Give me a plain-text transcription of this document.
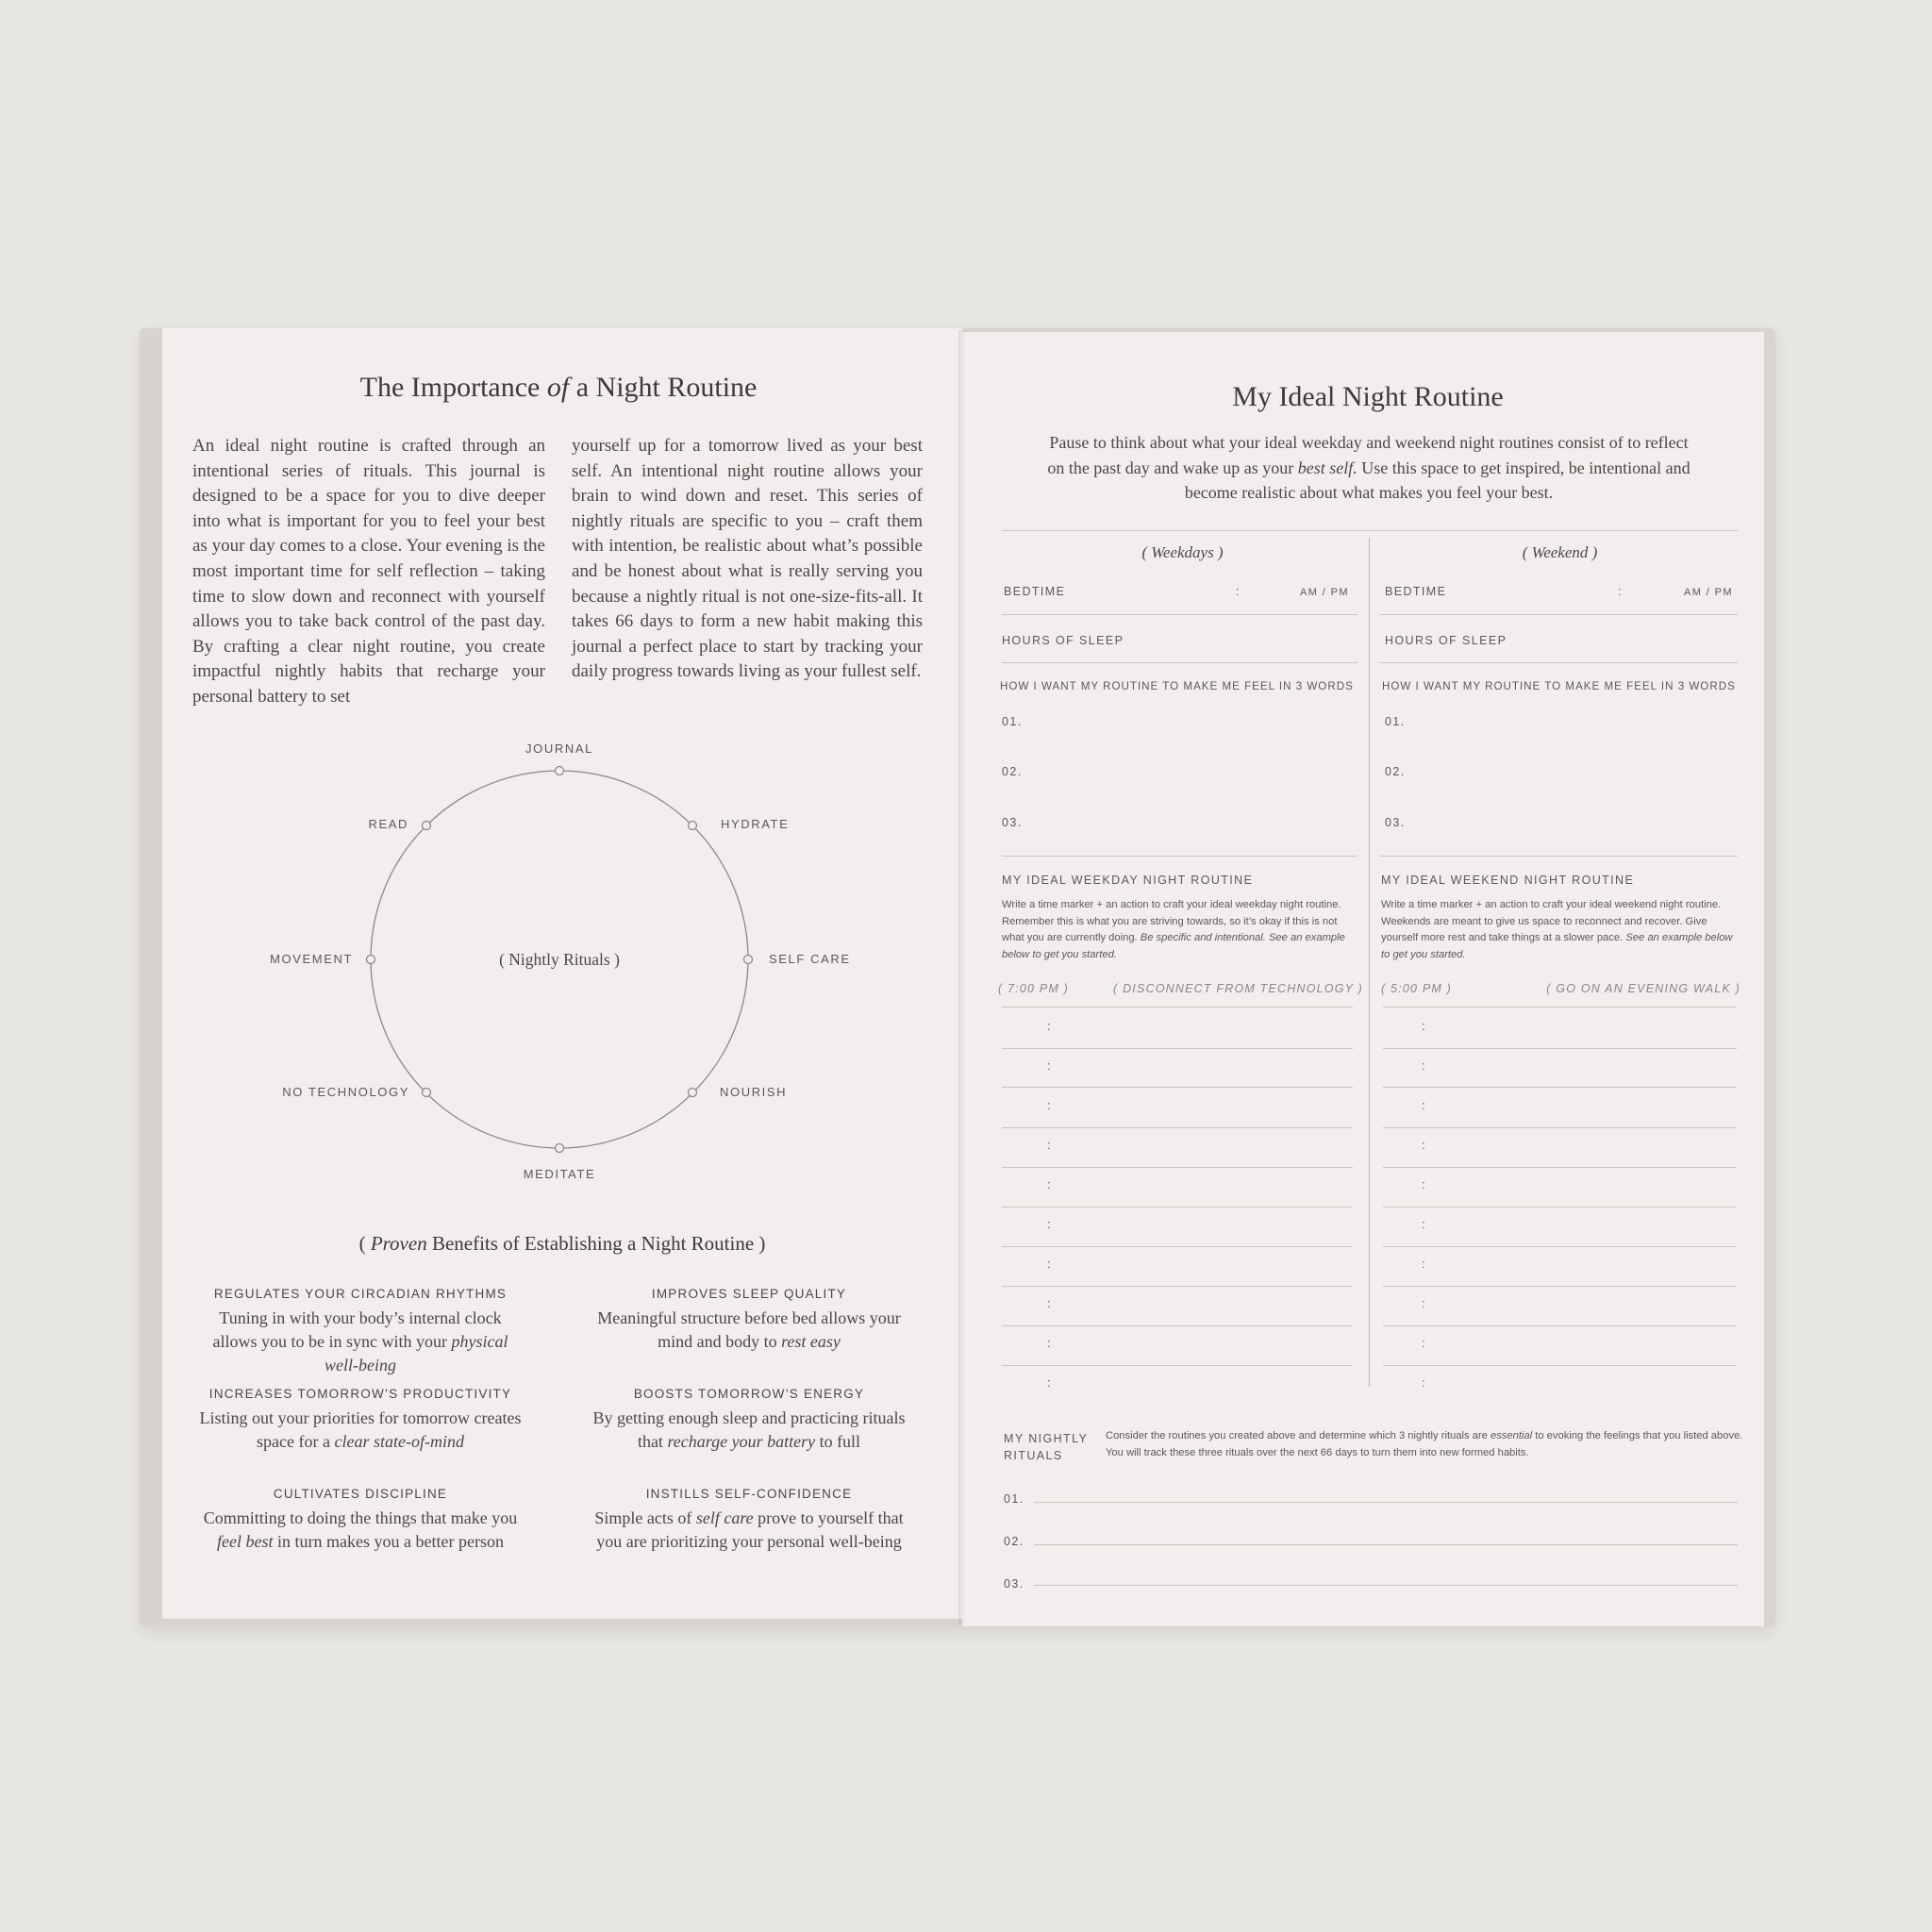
The Importance of a Night Routine
An ideal night routine is crafted through an intentional series of rituals. This journal is designed to be a space for you to dive deeper into what is important for you to feel your best as your day comes to a close. Your evening is the most important time for self reflection – taking time to slow down and reconnect with yourself allows you to take back control of the past day. By crafting a clear night routine, you create impactful nightly habits that recharge your personal battery to set
yourself up for a tomorrow lived as your best self. An intentional night routine allows your brain to wind down and reset. This series of nightly rituals are specific to you – craft them with intention, be realistic about what’s possible and be honest about what is really serving you because a nightly ritual is not one-size-fits-all. It takes 66 days to form a new habit making this journal a perfect place to start by tracking your daily progress towards living as your fullest self.
( Nightly Rituals )
JOURNAL
HYDRATE
SELF CARE
NOURISH
MEDITATE
NO TECHNOLOGY
MOVEMENT
READ
( Proven Benefits of Establishing a Night Routine )
REGULATES YOUR CIRCADIAN RHYTHMS
Tuning in with your body’s internal clock allows you to be in sync with your physical well-being
IMPROVES SLEEP QUALITY
Meaningful structure before bed allows your mind and body to rest easy
INCREASES TOMORROW’S PRODUCTIVITY
Listing out your priorities for tomorrow creates space for a clear state-of-mind
BOOSTS TOMORROW’S ENERGY
By getting enough sleep and practicing rituals that recharge your battery to full
CULTIVATES DISCIPLINE
Committing to doing the things that make you feel best in turn makes you a better person
INSTILLS SELF-CONFIDENCE
Simple acts of self care prove to yourself that you are prioritizing your personal well-being
My Ideal Night Routine
Pause to think about what your ideal weekday and weekend night routines consist of to reflect on the past day and wake up as your best self. Use this space to get inspired, be intentional and become realistic about what makes you feel your best.
( Weekdays )
BEDTIME	:	AM / PM
HOURS OF SLEEP
HOW I WANT MY ROUTINE TO MAKE ME FEEL IN 3 WORDS
01.
02.
03.
MY IDEAL WEEKDAY NIGHT ROUTINE
Write a time marker + an action to craft your ideal weekday night routine. Remember this is what you are striving towards, so it’s okay if this is not what you are currently doing. Be specific and intentional. See an example below to get you started.
( 7:00 PM )	( DISCONNECT FROM TECHNOLOGY )
:
:
:
:
:
:
:
:
:
:
( Weekend )
BEDTIME	:	AM / PM
HOURS OF SLEEP
HOW I WANT MY ROUTINE TO MAKE ME FEEL IN 3 WORDS
01.
02.
03.
MY IDEAL WEEKEND NIGHT ROUTINE
Write a time marker + an action to craft your ideal weekend night routine. Weekends are meant to give us space to reconnect and recover. Give yourself more rest and take things at a slower pace. See an example below to get you started.
( 5:00 PM )	( GO ON AN EVENING WALK )
:
:
:
:
:
:
:
:
:
:
MY NIGHTLY
RITUALS
Consider the routines you created above and determine which 3 nightly rituals are essential to evoking the feelings that you listed above. You will track these three rituals over the next 66 days to turn them into new formed habits.
01.
02.
03.
